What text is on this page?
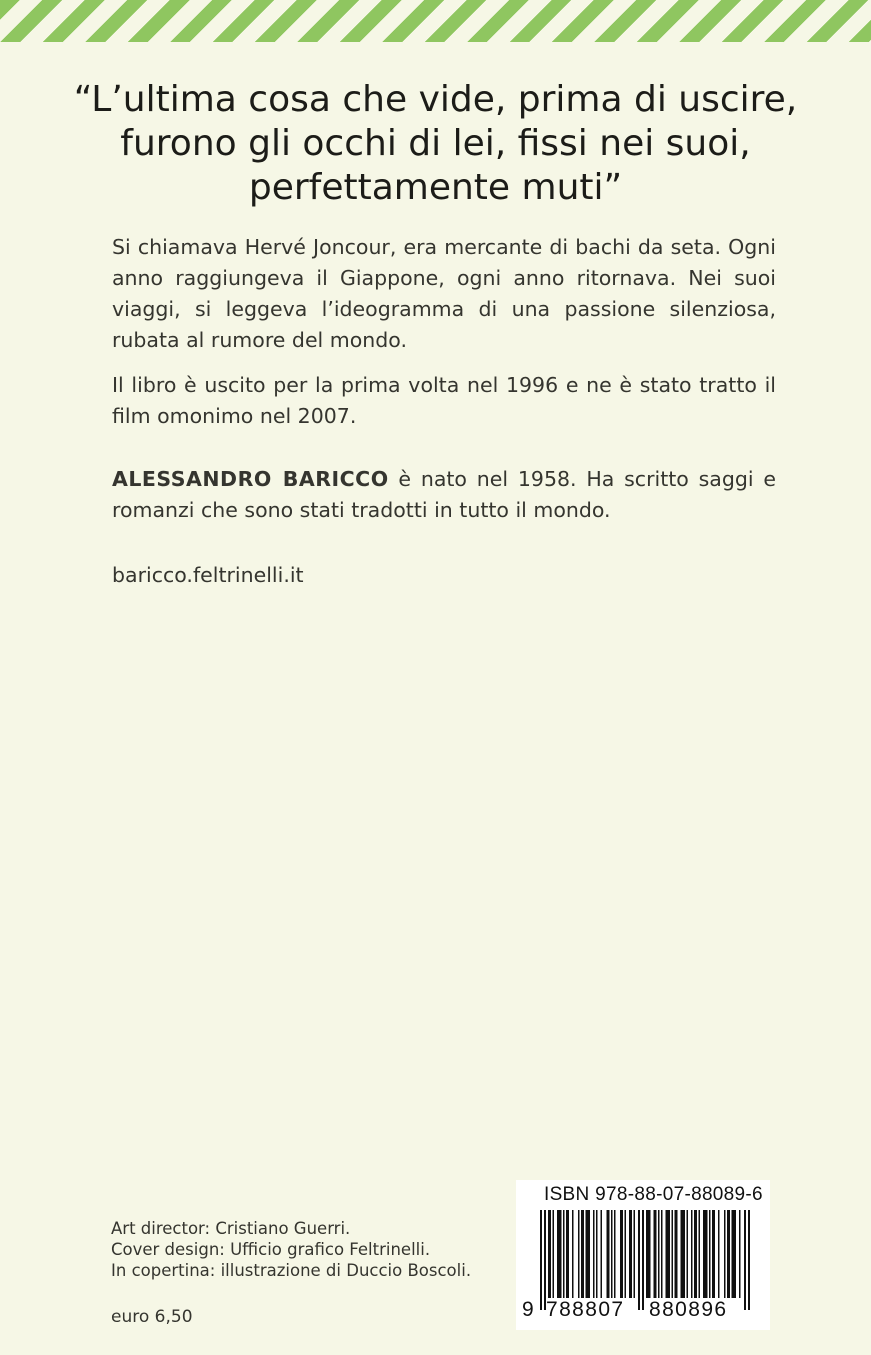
“L’ultima cosa che vide, prima di uscire,
furono gli occhi di lei, fissi nei suoi,
perfettamente muti”

Si chiamava Hervé Joncour, era mercante di bachi da seta. Ogni anno raggiungeva il Giappone, ogni anno ritornava. Nei suoi viaggi, si leggeva l’ideogramma di una passione silenziosa, rubata al rumore del mondo.

Il libro è uscito per la prima volta nel 1996 e ne è stato tratto il film omonimo nel 2007.

ALESSANDRO BARICCO è nato nel 1958. Ha scritto saggi e romanzi che sono stati tradotti in tutto il mondo.

baricco.feltrinelli.it

Art director: Cristiano Guerri.
Cover design: Ufficio grafico Feltrinelli.
In copertina: illustrazione di Duccio Boscoli.
euro 6,50
ISBN 978-88-07-88089-6
9 788807 880896
